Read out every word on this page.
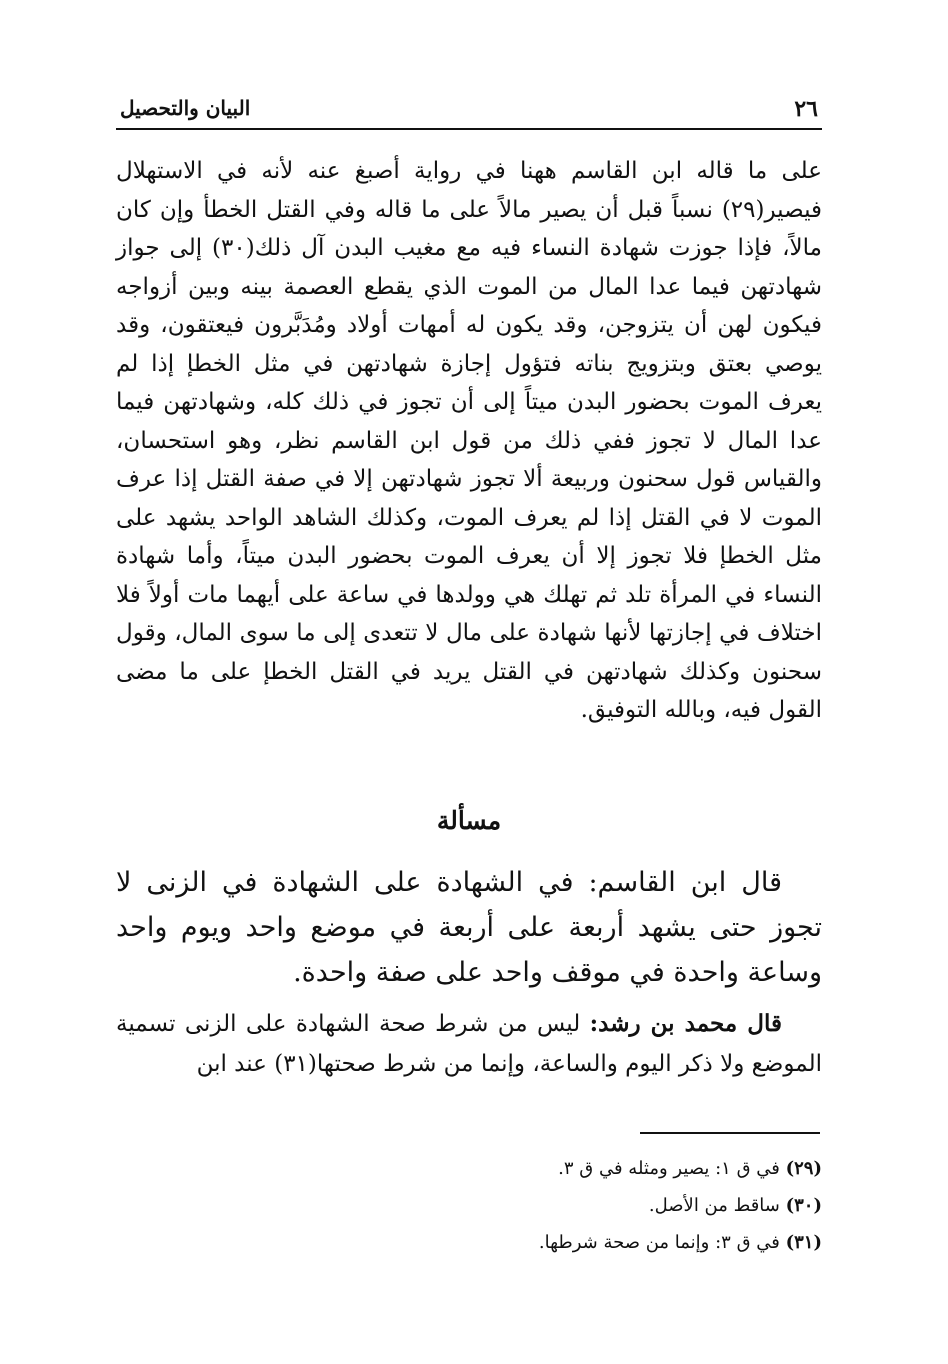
٢٦
البيان والتحصيل

على ما قاله ابن القاسم ههنا في رواية أصبغ عنه لأنه في الاستهلال فيصير(٢٩) نسباً قبل أن يصير مالاً على ما قاله وفي القتل الخطأ وإن كان مالاً، فإذا جوزت شهادة النساء فيه مع مغيب البدن آل ذلك(٣٠) إلى جواز شهادتهن فيما عدا المال من الموت الذي يقطع العصمة بينه وبين أزواجه فيكون لهن أن يتزوجن، وقد يكون له أمهات أولاد ومُدَبَّرون فيعتقون، وقد يوصي بعتق وبتزويج بناته فتؤول إجازة شهادتهن في مثل الخطإ إذا لم يعرف الموت بحضور البدن ميتاً إلى أن تجوز في ذلك كله، وشهادتهن فيما عدا المال لا تجوز ففي ذلك من قول ابن القاسم نظر، وهو استحسان، والقياس قول سحنون وربيعة ألا تجوز شهادتهن إلا في صفة القتل إذا عرف الموت لا في القتل إذا لم يعرف الموت، وكذلك الشاهد الواحد يشهد على مثل الخطإ فلا تجوز إلا أن يعرف الموت بحضور البدن ميتاً، وأما شهادة النساء في المرأة تلد ثم تهلك هي وولدها في ساعة على أيهما مات أولاً فلا اختلاف في إجازتها لأنها شهادة على مال لا تتعدى إلى ما سوى المال، وقول سحنون وكذلك شهادتهن في القتل يريد في القتل الخطإ على ما مضى القول فيه، وبالله التوفيق.

مسألة
قال ابن القاسم: في الشهادة على الشهادة في الزنى لا تجوز حتى يشهد أربعة على أربعة في موضع واحد ويوم واحد وساعة واحدة في موقف واحد على صفة واحدة.
قال محمد بن رشد: ليس من شرط صحة الشهادة على الزنى تسمية الموضع ولا ذكر اليوم والساعة، وإنما من شرط صحتها(٣١) عند ابن
(٢٩) في ق ١: يصير ومثله في ق ٣.
(٣٠) ساقط من الأصل.
(٣١) في ق ٣: وإنما من صحة شرطها.
